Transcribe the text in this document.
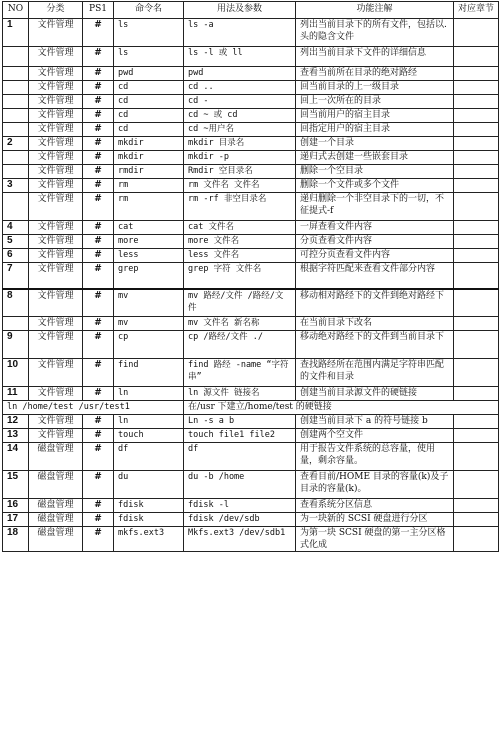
NO	分类	PS1	命令名	用法及参数	功能注解	对应章节
1	文件管理	#	ls	ls -a	列出当前目录下的所有文件，包括以.头的隐含文件	
	文件管理	#	ls	ls -l 或 ll	列出当前目录下文件的详细信息	
	文件管理	#	pwd	pwd	查看当前所在目录的绝对路经	
	文件管理	#	cd	cd ..	回当前目录的上一级目录	
	文件管理	#	cd	cd -	回上一次所在的目录	
	文件管理	#	cd	cd ~ 或 cd	回当前用户的宿主目录	
	文件管理	#	cd	cd ~用户名	回指定用户的宿主目录	
2	文件管理	#	mkdir	mkdir 目录名	创建一个目录	
	文件管理	#	mkdir	mkdir -p	递归式去创建一些嵌套目录	
	文件管理	#	rmdir	Rmdir 空目录名	删除一个空目录	
3	文件管理	#	rm	rm 文件名 文件名	删除一个文件或多个文件	
	文件管理	#	rm	rm -rf 非空目录名	递归删除一个非空目录下的一切，不征提式-f	
4	文件管理	#	cat	cat 文件名	一屏查看文件内容	
5	文件管理	#	more	more 文件名	分页查看文件内容	
6	文件管理	#	less	less 文件名	可控分页查看文件内容	
7	文件管理	#	grep	grep 字符 文件名	根据字符匹配来查看文件部分内容	
8	文件管理	#	mv	mv 路经/文件 /路经/文件	移动相对路经下的文件到绝对路经下	
	文件管理	#	mv	mv 文件名 新名称	在当前目录下改名	
9	文件管理	#	cp	cp /路经/文件 ./	移动绝对路经下的文件到当前目录下	
10	文件管理	#	find	find 路经 -name “字符串”	查找路经所在范围内满足字符串匹配的文件和目录	
11	文件管理	#	ln	ln 源文件 链接名	创建当前目录源文件的硬链接	
ln /home/test /usr/test1				在/usr 下建立/home/test 的硬链接		
12	文件管理	#	ln	Ln -s a b	创建当前目录下 a 的符号链接 b	
13	文件管理	#	touch	touch file1 file2	创建两个空文件	
14	磁盘管理	#	df	df	用于报告文件系统的总容量，使用量，剩余容量。	
15	磁盘管理	#	du	du -b /home	查看目前/HOME 目录的容量(k)及子目录的容量(k)。	
16	磁盘管理	#	fdisk	fdisk -l	查看系统分区信息	
17	磁盘管理	#	fdisk	fdisk /dev/sdb	为一块新的 SCSI 硬盘进行分区	
18	磁盘管理	#	mkfs.ext3	Mkfs.ext3 /dev/sdb1	为第一块 SCSI 硬盘的第一主分区格式化成	
